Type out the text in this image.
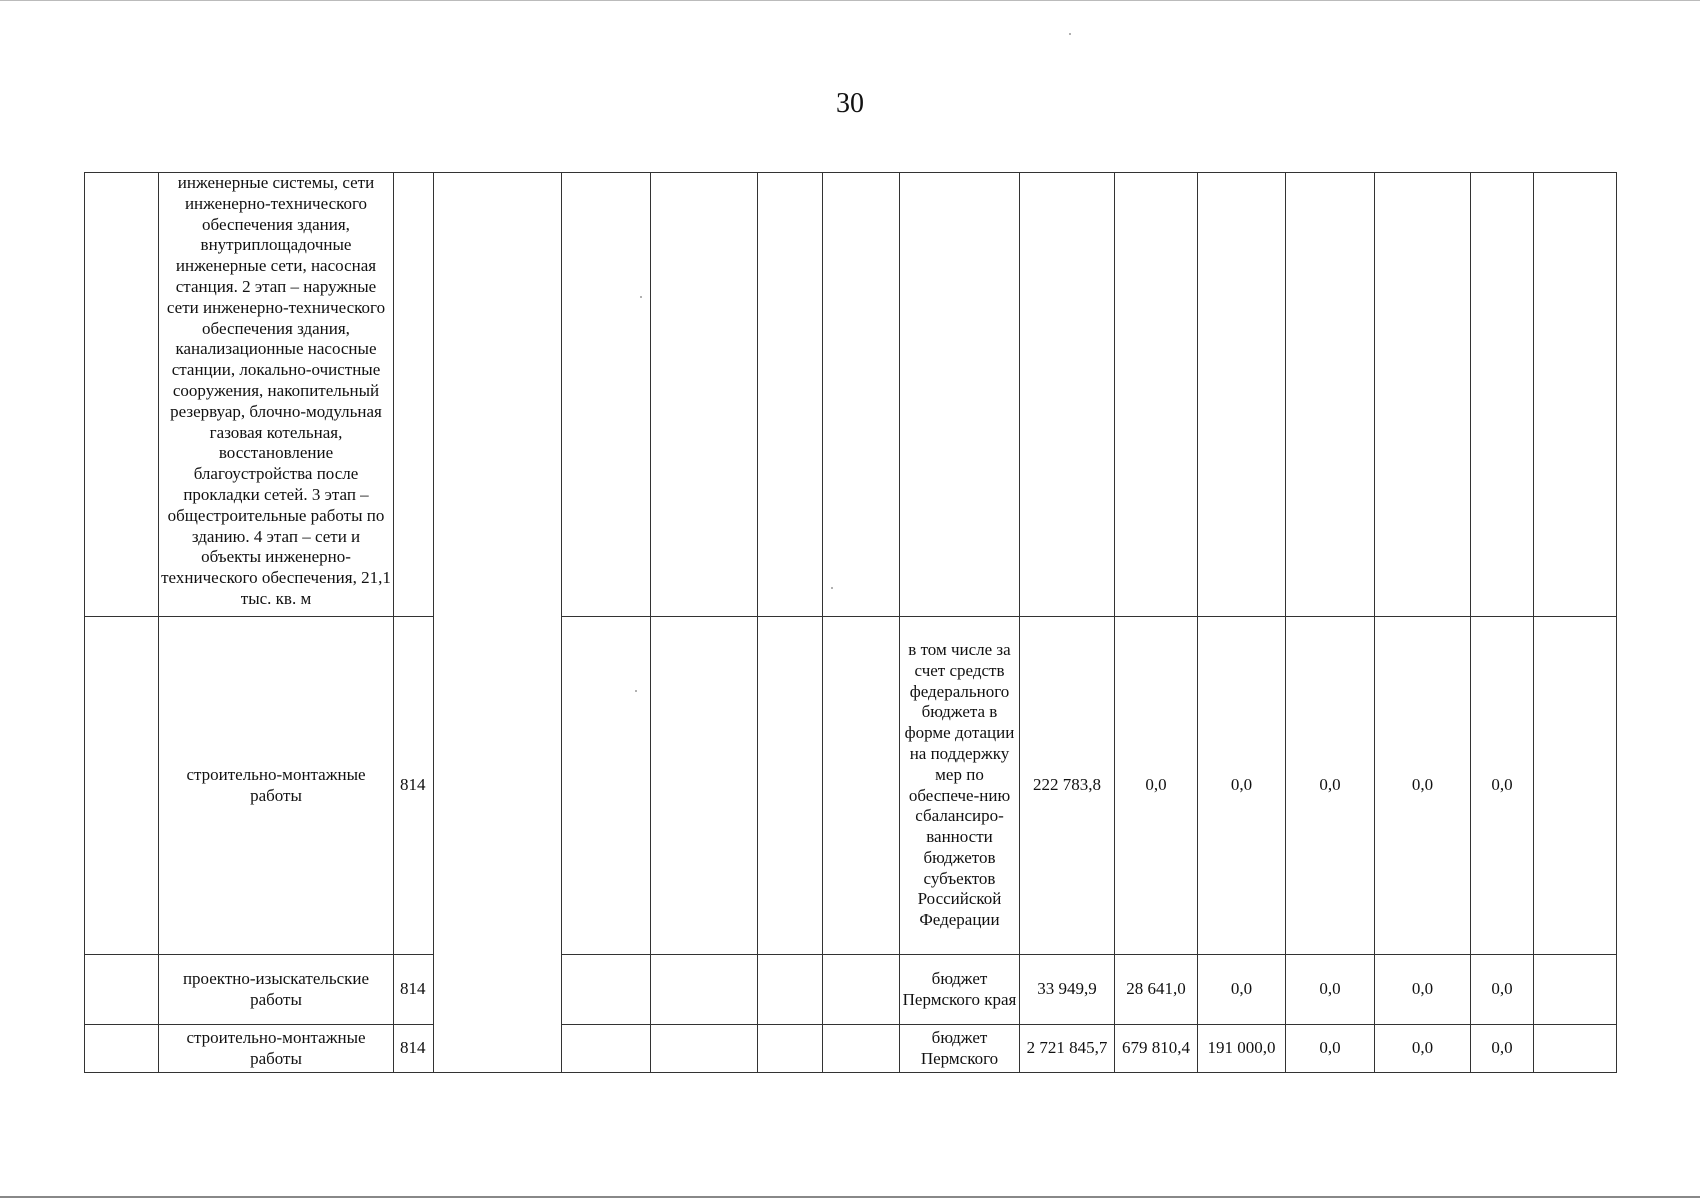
30
	инженерные системы, сети инженерно-технического обеспечения здания, внутриплощадочные инженерные сети, насосная станция. 2 этап – наружные сети инженерно-технического обеспечения здания, канализационные насосные станции, локально-очистные сооружения, накопительный резервуар, блочно-модульная газовая котельная, восстановление благоустройства после прокладки сетей. 3 этап – общестроительные работы по зданию. 4 этап – сети и объекты инженерно-технического обеспечения, 21,1 тыс. кв. м														
	строительно-монтажные работы	814						в том числе за счет средств федерального бюджета в форме дотации на поддержку мер по обеспече-нию сбалансиро-ванности бюджетов субъектов Российской Федерации	222 783,8	0,0	0,0	0,0	0,0	0,0	
	проектно-изыскательские работы	814						бюджет Пермского края	33 949,9	28 641,0	0,0	0,0	0,0	0,0	
	строительно-монтажные работы	814						бюджет Пермского	2 721 845,7	679 810,4	191 000,0	0,0	0,0	0,0	
